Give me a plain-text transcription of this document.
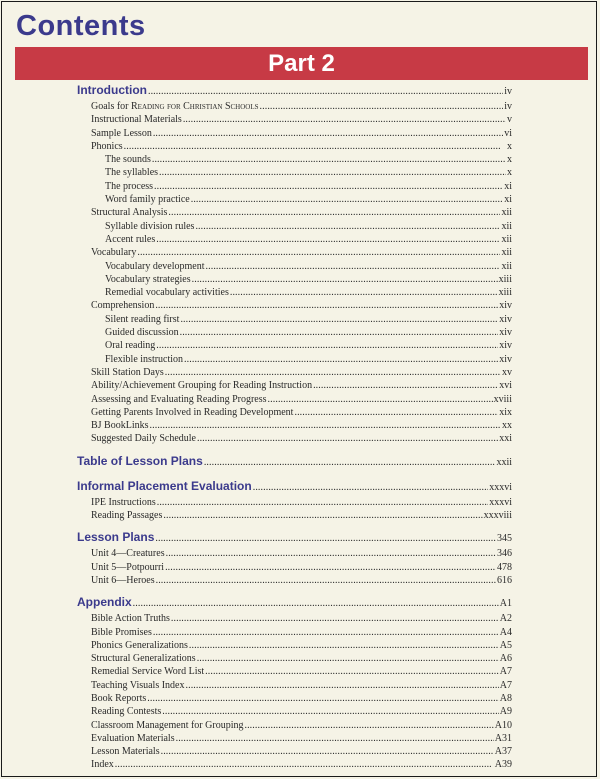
Contents
Part 2
Introduction . . .	iv
Goals for Reading for Christian Schools . . .	iv
Instructional Materials . . .	v
Sample Lesson . . .	vi
Phonics . . .	x
The sounds . . .	x
The syllables . . .	x
The process . . .	xi
Word family practice . . .	xi
Structural Analysis . . .	xii
Syllable division rules . . .	xii
Accent rules . . .	xii
Vocabulary . . .	xii
Vocabulary development . . .	xii
Vocabulary strategies . . .	xiii
Remedial vocabulary activities . . .	xiii
Comprehension . . .	xiv
Silent reading first . . .	xiv
Guided discussion . . .	xiv
Oral reading . . .	xiv
Flexible instruction . . .	xiv
Skill Station Days . . .	xv
Ability/Achievement Grouping for Reading Instruction . . .	xvi
Assessing and Evaluating Reading Progress . . .	xviii
Getting Parents Involved in Reading Development . . .	xix
BJ BookLinks . . .	xx
Suggested Daily Schedule . . .	xxi
Table of Lesson Plans . . .	xxii
Informal Placement Evaluation . . .	xxxvi
IPE Instructions . . .	xxxvi
Reading Passages . . .	xxxviii
Lesson Plans . . .	345
Unit 4—Creatures . . .	346
Unit 5—Potpourri . . .	478
Unit 6—Heroes . . .	616
Appendix . . .	A1
Bible Action Truths . . .	A2
Bible Promises . . .	A4
Phonics Generalizations . . .	A5
Structural Generalizations . . .	A6
Remedial Service Word List . . .	A7
Teaching Visuals Index . . .	A7
Book Reports . . .	A8
Reading Contests . . .	A9
Classroom Management for Grouping . . .	A10
Evaluation Materials . . .	A31
Lesson Materials . . .	A37
Index . . .	A39
